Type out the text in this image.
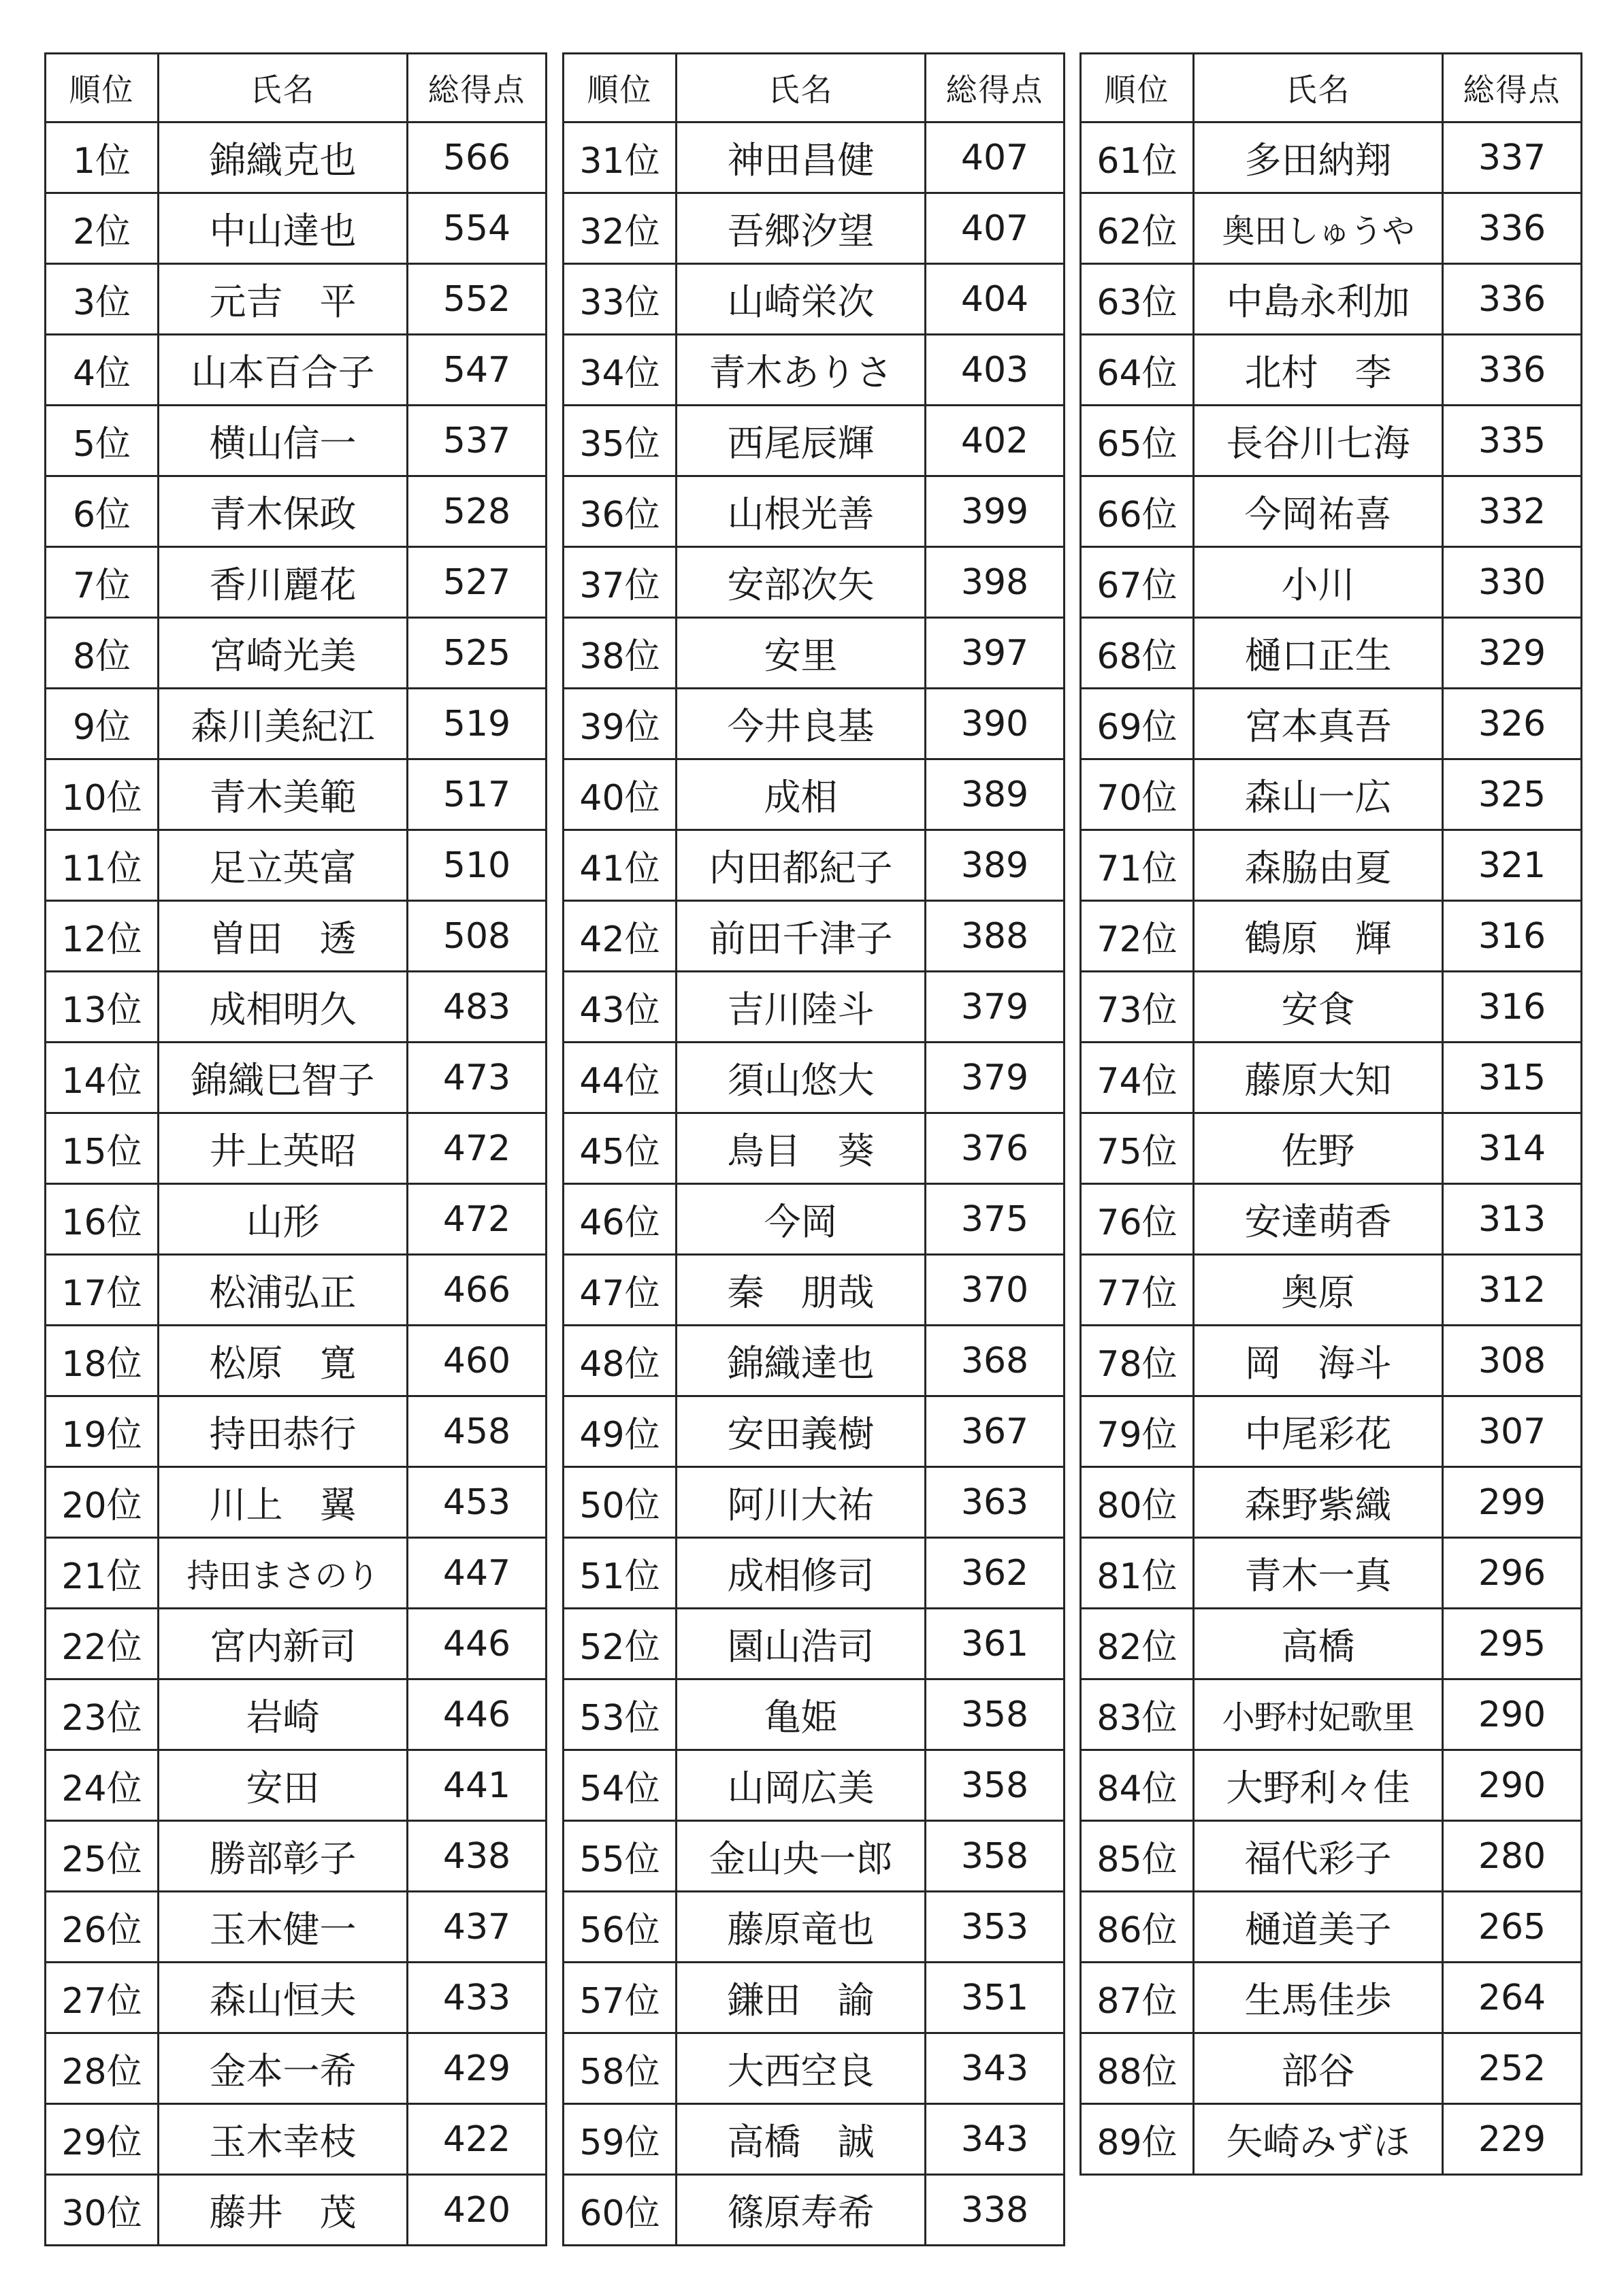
順位	氏名	総得点
1位	錦織克也	566
2位	中山達也	554
3位	元吉　平	552
4位	山本百合子	547
5位	横山信一	537
6位	青木保政	528
7位	香川麗花	527
8位	宮崎光美	525
9位	森川美紀江	519
10位	青木美範	517
11位	足立英富	510
12位	曽田　透	508
13位	成相明久	483
14位	錦織巳智子	473
15位	井上英昭	472
16位	山形	472
17位	松浦弘正	466
18位	松原　寛	460
19位	持田恭行	458
20位	川上　翼	453
21位	持田まさのり	447
22位	宮内新司	446
23位	岩崎	446
24位	安田	441
25位	勝部彰子	438
26位	玉木健一	437
27位	森山恒夫	433
28位	金本一希	429
29位	玉木幸枝	422
30位	藤井　茂	420
順位	氏名	総得点
31位	神田昌健	407
32位	吾郷汐望	407
33位	山崎栄次	404
34位	青木ありさ	403
35位	西尾辰輝	402
36位	山根光善	399
37位	安部次矢	398
38位	安里	397
39位	今井良基	390
40位	成相	389
41位	内田都紀子	389
42位	前田千津子	388
43位	吉川陸斗	379
44位	須山悠大	379
45位	鳥目　葵	376
46位	今岡	375
47位	秦　朋哉	370
48位	錦織達也	368
49位	安田義樹	367
50位	阿川大祐	363
51位	成相修司	362
52位	園山浩司	361
53位	亀姫	358
54位	山岡広美	358
55位	金山央一郎	358
56位	藤原竜也	353
57位	鎌田　諭	351
58位	大西空良	343
59位	高橋　誠	343
60位	篠原寿希	338
順位	氏名	総得点
61位	多田納翔	337
62位	奥田しゅうや	336
63位	中島永利加	336
64位	北村　李	336
65位	長谷川七海	335
66位	今岡祐喜	332
67位	小川	330
68位	樋口正生	329
69位	宮本真吾	326
70位	森山一広	325
71位	森脇由夏	321
72位	鶴原　輝	316
73位	安食	316
74位	藤原大知	315
75位	佐野	314
76位	安達萌香	313
77位	奥原	312
78位	岡　海斗	308
79位	中尾彩花	307
80位	森野紫織	299
81位	青木一真	296
82位	高橋	295
83位	小野村妃歌里	290
84位	大野利々佳	290
85位	福代彩子	280
86位	樋道美子	265
87位	生馬佳歩	264
88位	部谷	252
89位	矢崎みずほ	229
